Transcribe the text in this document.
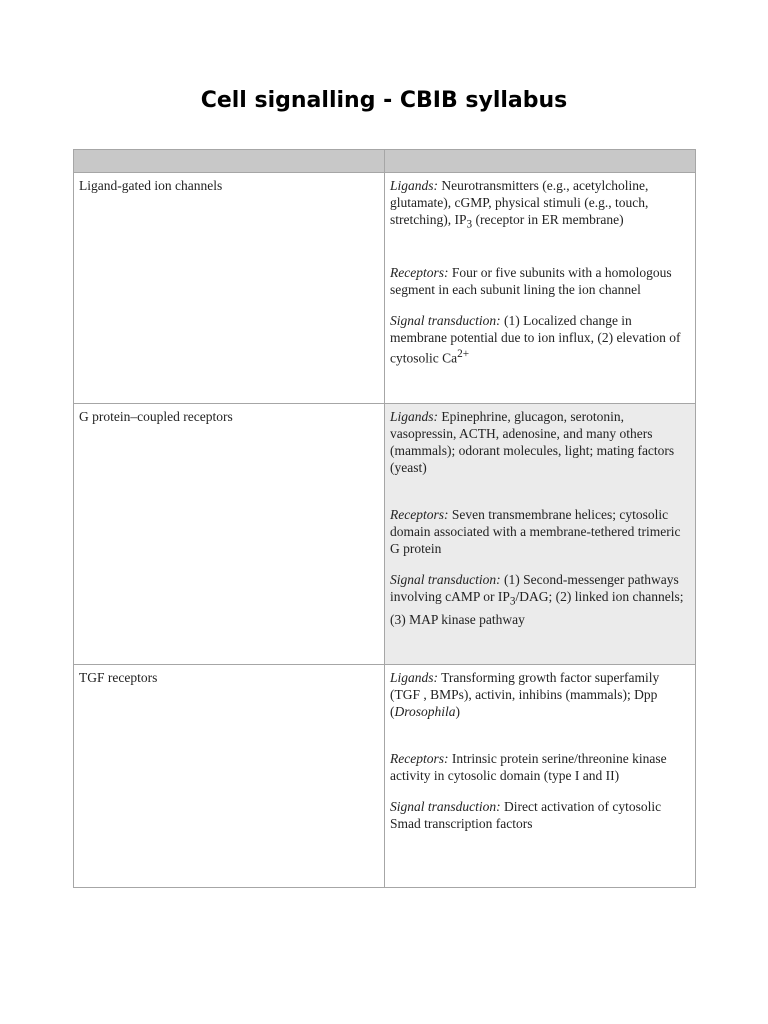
Cell signalling - CBIB syllabus

Ligand-gated ion channels	Ligands: Neurotransmitters (e.g., acetylcholine, glutamate), cGMP, physical stimuli (e.g., touch, stretching), $IP_3$ (receptor in ER membrane)

Receptors: Four or five subunits with a homologous segment in each subunit lining the ion channel

Signal transduction: (1) Localized change in membrane potential due to ion influx, (2) elevation of cytosolic $Ca^{2+}$

G protein–coupled receptors	Ligands: Epinephrine, glucagon, serotonin, vasopressin, ACTH, adenosine, and many others (mammals); odorant molecules, light; mating factors (yeast)

Receptors: Seven transmembrane helices; cytosolic domain associated with a membrane-tethered trimeric G protein

Signal transduction: (1) Second-messenger pathways involving cAMP or $IP_3$/DAG; (2) linked ion channels; (3) MAP kinase pathway

TGF receptors	Ligands: Transforming growth factor superfamily (TGF , BMPs), activin, inhibins (mammals); Dpp (Drosophila)

Receptors: Intrinsic protein serine/threonine kinase activity in cytosolic domain (type I and II)

Signal transduction: Direct activation of cytosolic Smad transcription factors
